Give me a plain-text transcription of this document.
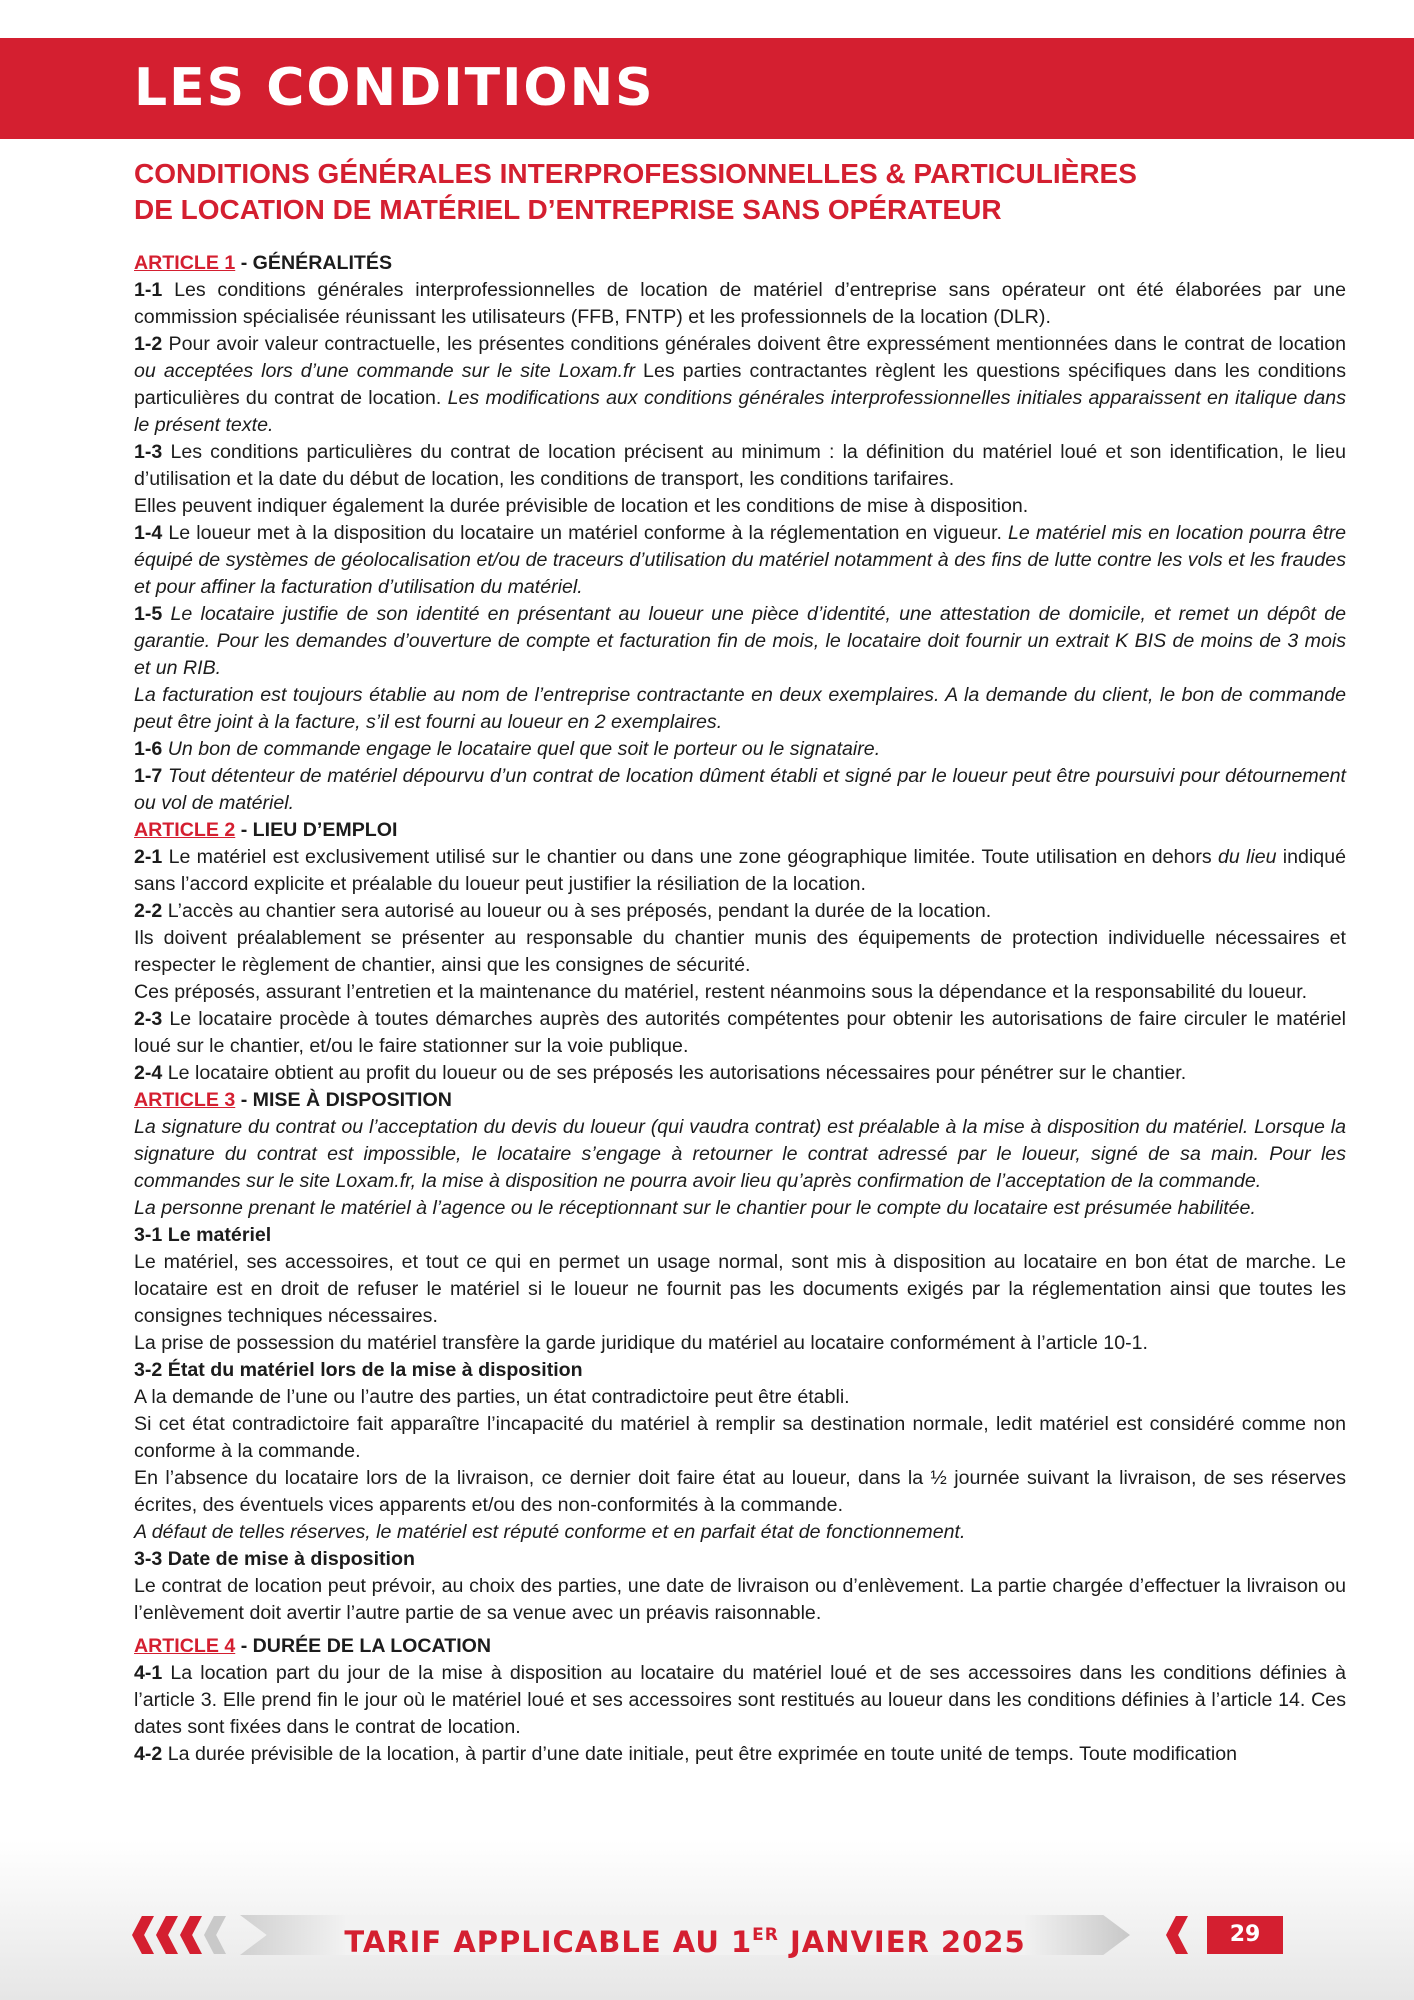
LES CONDITIONS
CONDITIONS GÉNÉRALES INTERPROFESSIONNELLES & PARTICULIÈRES
DE LOCATION DE MATÉRIEL D’ENTREPRISE SANS OPÉRATEUR

ARTICLE 1 - GÉNÉRALITÉS

1-1 Les conditions générales interprofessionnelles de location de matériel d’entreprise sans opérateur ont été élaborées par une commission spécialisée réunissant les utilisateurs (FFB, FNTP) et les professionnels de la location (DLR).

1-2 Pour avoir valeur contractuelle, les présentes conditions générales doivent être expressément mentionnées dans le contrat de location ou acceptées lors d’une commande sur le site Loxam.fr Les parties contractantes règlent les questions spécifiques dans les conditions particulières du contrat de location. Les modifications aux conditions générales interprofessionnelles initiales apparaissent en italique dans le présent texte.

1-3 Les conditions particulières du contrat de location précisent au minimum : la définition du matériel loué et son identification, le lieu d’utilisation et la date du début de location, les conditions de transport, les conditions tarifaires.

Elles peuvent indiquer également la durée prévisible de location et les conditions de mise à disposition.

1-4 Le loueur met à la disposition du locataire un matériel conforme à la réglementation en vigueur. Le matériel mis en location pourra être équipé de systèmes de géolocalisation et/ou de traceurs d’utilisation du matériel notamment à des fins de lutte contre les vols et les fraudes et pour affiner la facturation d’utilisation du matériel.

1-5 Le locataire justifie de son identité en présentant au loueur une pièce d’identité, une attestation de domicile, et remet un dépôt de garantie. Pour les demandes d’ouverture de compte et facturation fin de mois, le locataire doit fournir un extrait K BIS de moins de 3 mois et un RIB.

La facturation est toujours établie au nom de l’entreprise contractante en deux exemplaires. A la demande du client, le bon de commande peut être joint à la facture, s’il est fourni au loueur en 2 exemplaires.

1-6 Un bon de commande engage le locataire quel que soit le porteur ou le signataire.

1-7 Tout détenteur de matériel dépourvu d’un contrat de location dûment établi et signé par le loueur peut être poursuivi pour détournement ou vol de matériel.

ARTICLE 2 - LIEU D’EMPLOI

2-1 Le matériel est exclusivement utilisé sur le chantier ou dans une zone géographique limitée. Toute utilisation en dehors du lieu indiqué sans l’accord explicite et préalable du loueur peut justifier la résiliation de la location.

2-2 L’accès au chantier sera autorisé au loueur ou à ses préposés, pendant la durée de la location.

Ils doivent préalablement se présenter au responsable du chantier munis des équipements de protection individuelle nécessaires et respecter le règlement de chantier, ainsi que les consignes de sécurité.

Ces préposés, assurant l’entretien et la maintenance du matériel, restent néanmoins sous la dépendance et la responsabilité du loueur.

2-3 Le locataire procède à toutes démarches auprès des autorités compétentes pour obtenir les autorisations de faire circuler le matériel loué sur le chantier, et/ou le faire stationner sur la voie publique.

2-4 Le locataire obtient au profit du loueur ou de ses préposés les autorisations nécessaires pour pénétrer sur le chantier.

ARTICLE 3 - MISE À DISPOSITION

La signature du contrat ou l’acceptation du devis du loueur (qui vaudra contrat) est préalable à la mise à disposition du matériel. Lorsque la signature du contrat est impossible, le locataire s’engage à retourner le contrat adressé par le loueur, signé de sa main. Pour les commandes sur le site Loxam.fr, la mise à disposition ne pourra avoir lieu qu’après confirmation de l’acceptation de la commande.

La personne prenant le matériel à l’agence ou le réceptionnant sur le chantier pour le compte du locataire est présumée habilitée.

3-1 Le matériel

Le matériel, ses accessoires, et tout ce qui en permet un usage normal, sont mis à disposition au locataire en bon état de marche. Le locataire est en droit de refuser le matériel si le loueur ne fournit pas les documents exigés par la réglementation ainsi que toutes les consignes techniques nécessaires.

La prise de possession du matériel transfère la garde juridique du matériel au locataire conformément à l’article 10-1.

3-2 État du matériel lors de la mise à disposition

A la demande de l’une ou l’autre des parties, un état contradictoire peut être établi.

Si cet état contradictoire fait apparaître l’incapacité du matériel à remplir sa destination normale, ledit matériel est considéré comme non conforme à la commande.

En l’absence du locataire lors de la livraison, ce dernier doit faire état au loueur, dans la ½ journée suivant la livraison, de ses réserves écrites, des éventuels vices apparents et/ou des non-conformités à la commande.

A défaut de telles réserves, le matériel est réputé conforme et en parfait état de fonctionnement.

3-3 Date de mise à disposition

Le contrat de location peut prévoir, au choix des parties, une date de livraison ou d’enlèvement. La partie chargée d’effectuer la livraison ou l’enlèvement doit avertir l’autre partie de sa venue avec un préavis raisonnable.

ARTICLE 4 - DURÉE DE LA LOCATION

4-1 La location part du jour de la mise à disposition au locataire du matériel loué et de ses accessoires dans les conditions définies à l’article 3. Elle prend fin le jour où le matériel loué et ses accessoires sont restitués au loueur dans les conditions définies à l’article 14. Ces dates sont fixées dans le contrat de location.

4-2 La durée prévisible de la location, à partir d’une date initiale, peut être exprimée en toute unité de temps. Toute modification

TARIF APPLICABLE AU 1ER JANVIER 2025	29
